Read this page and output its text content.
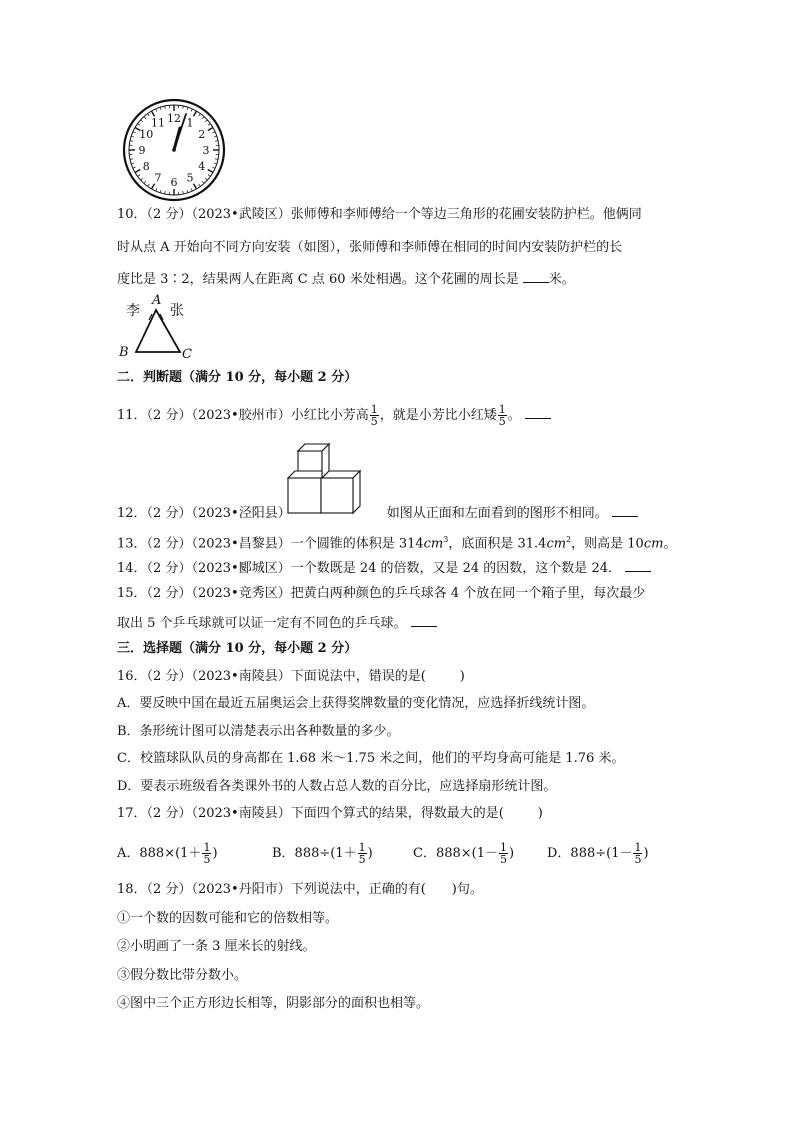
12 1
2
3
4
5
6
7
8
9
10
11
10．（2 分）（2023•武陵区）张师傅和李师傅给一个等边三角形的花圃安装防护栏。他俩同
时从点 A 开始向不同方向安装（如图），张师傅和李师傅在相同的时间内安装防护栏的长
度比是 3∶2，结果两人在距离 C 点 60 米处相遇。这个花圃的周长是 米。
李
A
张
B	C
二．判断题（满分 10 分，每小题 2 分）
11．（2 分）（2023•胶州市）小红比小芳高 $\frac{1}{5}$ ，就是小芳比小红矮 $\frac{1}{5}$ 。
12．（2 分）（2023•泾阳县）	如图从正面和左面看到的图形不相同。
13．（2 分）（2023•昌黎县）一个圆锥的体积是 $314cm^3$，底面积是 $31.4cm^2$，则高是 10cm。
14．（2 分）（2023•郾城区）一个数既是 24 的倍数，又是 24 的因数，这个数是 24．
15．（2 分）（2023•竞秀区）把黄白两种颜色的乒乓球各 4 个放在同一个箱子里，每次最少
取出 5 个乒乓球就可以证一定有不同色的乒乓球。
三．选择题（满分 10 分，每小题 2 分）
16．（2 分）（2023•南陵县）下面说法中，错误的是(	)
A．要反映中国在最近五届奥运会上获得奖牌数量的变化情况，应选择折线统计图。
B．条形统计图可以清楚表示出各种数量的多少。
C．校篮球队队员的身高都在 1.68 米～1.75 米之间，他们的平均身高可能是 1.76 米。
D．要表示班级看各类课外书的人数占总人数的百分比，应选择扇形统计图。
17．（2 分）（2023•南陵县）下面四个算式的结果，得数最大的是(	)
A．$888\times(1+ \frac{1}{5}$ )	B．$888\div(1+ \frac{1}{5}$ )	C．$888\times(1- \frac{1}{5}$ )	D．$888\div(1- \frac{1}{5}$ )
18．（2 分）（2023•丹阳市）下列说法中，正确的有( )句。
①一个数的因数可能和它的倍数相等。
②小明画了一条 3 厘米长的射线。
③假分数比带分数小。
④图中三个正方形边长相等，阴影部分的面积也相等。
